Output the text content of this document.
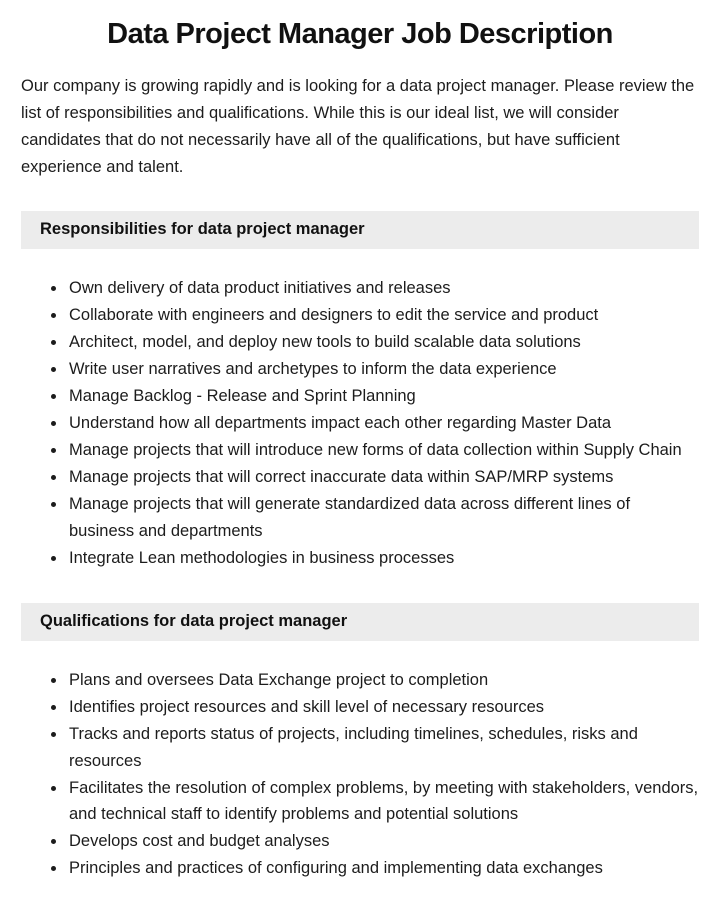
Data Project Manager Job Description

Our company is growing rapidly and is looking for a data project manager. Please review the list of responsibilities and qualifications. While this is our ideal list, we will consider candidates that do not necessarily have all of the qualifications, but have sufficient experience and talent.

Responsibilities for data project manager
• Own delivery of data product initiatives and releases
• Collaborate with engineers and designers to edit the service and product
• Architect, model, and deploy new tools to build scalable data solutions
• Write user narratives and archetypes to inform the data experience
• Manage Backlog - Release and Sprint Planning
• Understand how all departments impact each other regarding Master Data
• Manage projects that will introduce new forms of data collection within Supply Chain
• Manage projects that will correct inaccurate data within SAP/MRP systems
• Manage projects that will generate standardized data across different lines of business and departments
• Integrate Lean methodologies in business processes
Qualifications for data project manager
• Plans and oversees Data Exchange project to completion
• Identifies project resources and skill level of necessary resources
• Tracks and reports status of projects, including timelines, schedules, risks and resources
• Facilitates the resolution of complex problems, by meeting with stakeholders, vendors, and technical staff to identify problems and potential solutions
• Develops cost and budget analyses
• Principles and practices of configuring and implementing data exchanges
